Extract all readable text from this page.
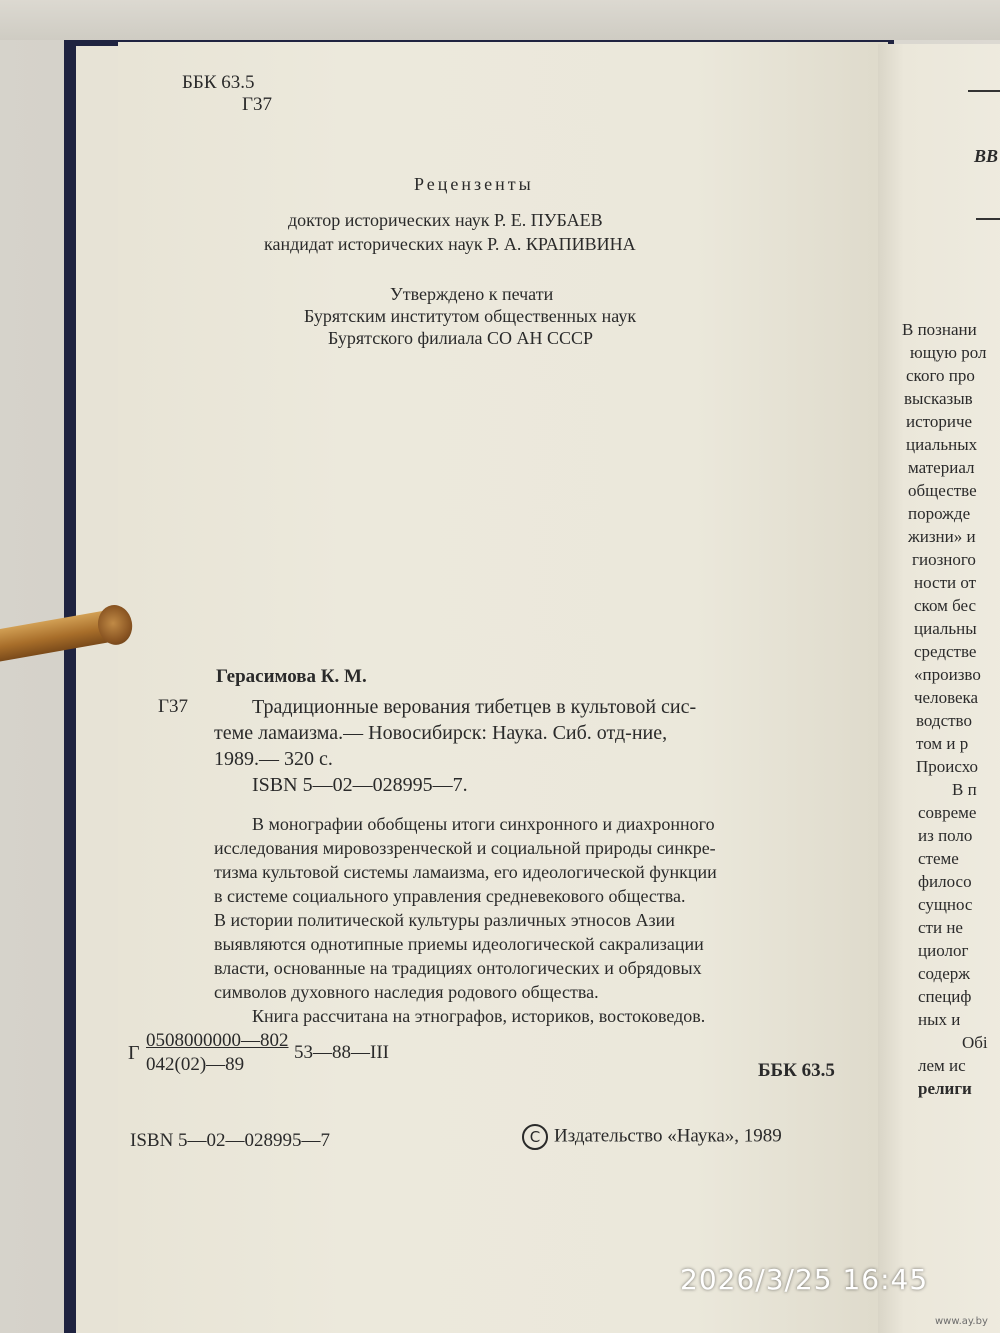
ББК 63.5
Г37
Рецензенты
доктор исторических наук Р. Е. ПУБАЕВ
кандидат исторических наук Р. А. КРАПИВИНА
Утверждено к печати
Бурятским институтом общественных наук
Бурятского филиала СО АН СССР
Герасимова К. М.
Г37	Традиционные верования тибетцев в культовой сис-
теме ламаизма.— Новосибирск: Наука. Сиб. отд-ние,
1989.— 320 с.
ISBN 5—02—028995—7.
В монографии обобщены итоги синхронного и диахронного
исследования мировоззренческой и социальной природы синкре-
тизма культовой системы ламаизма, его идеологической функции
в системе социального управления средневекового общества.
В истории политической культуры различных этносов Азии
выявляются однотипные приемы идеологической сакрализации
власти, основанные на традициях онтологических и обрядовых
символов духовного наследия родового общества.
Книга рассчитана на этнографов, историков, востоковедов.
Г
0508000000—802
042(02)—89
53—88—III
ББК 63.5
ISBN 5—02—028995—7	C Издательство «Наука», 1989
ВВ
В познани
ющую рол
ского про
высказыв
историче
циальных
материал
обществе
порожде
жизни» и
гиозного
ности от
ском бес
циальны
средстве
«произво
человека
водство
том и р
Происхо
В п
совреме
из поло
стеме
филосо
сущнос
сти не
циолог
содерж
специф
ных и
Обі
лем ис
религи
2026/3/25 16:45
www.ay.by
